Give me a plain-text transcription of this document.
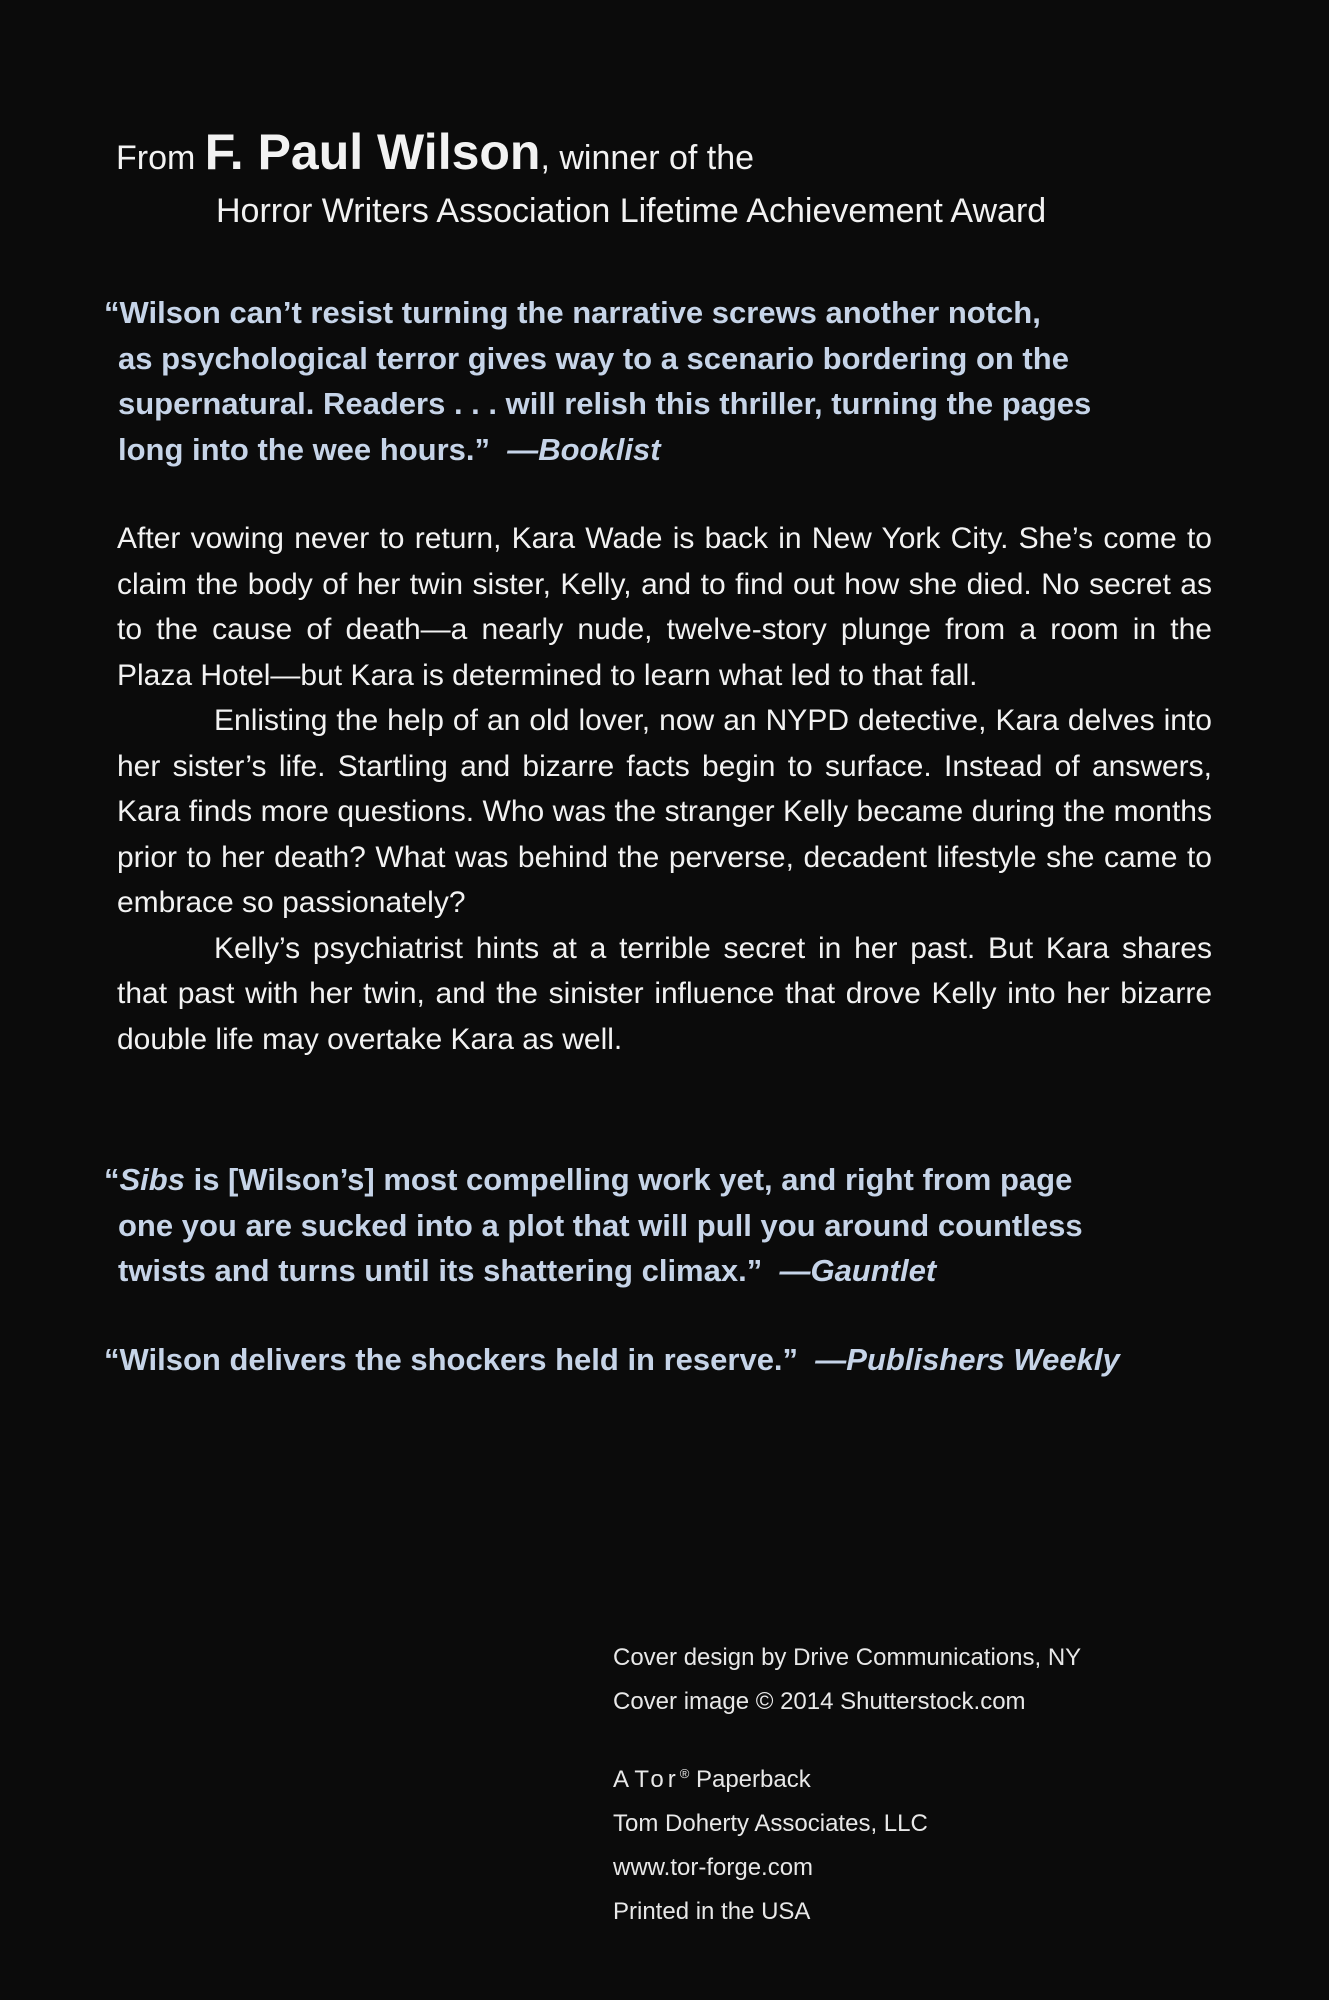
From F. Paul Wilson, winner of the
Horror Writers Association Lifetime Achievement Award
“Wilson can’t resist turning the narrative screws another notch,
as psychological terror gives way to a scenario bordering on the
supernatural. Readers . . . will relish this thriller, turning the pages
long into the wee hours.” —Booklist

After vowing never to return, Kara Wade is back in New York City. She’s come to claim the body of her twin sister, Kelly, and to find out how she died. No secret as to the cause of death—a nearly nude, twelve-story plunge from a room in the Plaza Hotel—but Kara is determined to learn what led to that fall.

Enlisting the help of an old lover, now an NYPD detective, Kara delves into her sister’s life. Startling and bizarre facts begin to surface. Instead of answers, Kara finds more questions. Who was the stranger Kelly became during the months prior to her death? What was behind the perverse, decadent lifestyle she came to embrace so passionately?

Kelly’s psychiatrist hints at a terrible secret in her past. But Kara shares that past with her twin, and the sinister influence that drove Kelly into her bizarre double life may overtake Kara as well.

“Sibs is [Wilson’s] most compelling work yet, and right from page
one you are sucked into a plot that will pull you around countless
twists and turns until its shattering climax.” —Gauntlet
“Wilson delivers the shockers held in reserve.” —Publishers Weekly
Cover design by Drive Communications, NY
Cover image © 2014 Shutterstock.com
A Tor® Paperback
Tom Doherty Associates, LLC
www.tor-forge.com
Printed in the USA
